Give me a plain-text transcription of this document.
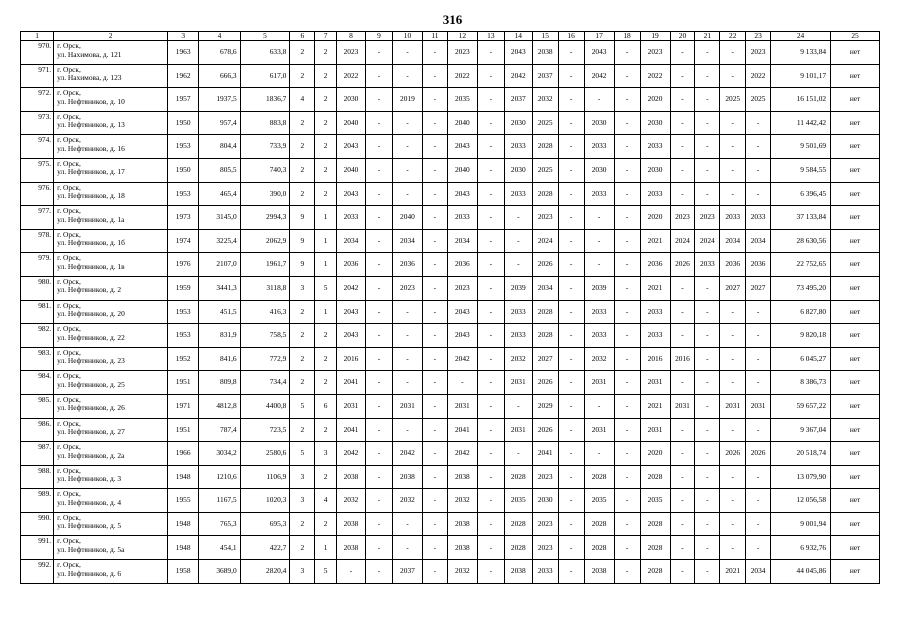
316
1	2	3	4	5	6	7	8	9	10	11	12	13	14	15	16	17	18	19	20	21	22	23	24	25
970.	г. Орск,
ул. Нахимова, д. 121	1963	678,6	633,8	2	2	2023	-	-	-	2023	-	2043	2038	-	2043	-	2023	-	-	-	2023	9 133,84	нет
971.	г. Орск,
ул. Нахимова, д. 123	1962	666,3	617,0	2	2	2022	-	-	-	2022	-	2042	2037	-	2042	-	2022	-	-	-	2022	9 101,17	нет
972.	г. Орск,
ул. Нефтяников, д. 10	1957	1937,5	1836,7	4	2	2030	-	2019	-	2035	-	2037	2032	-	-	-	2020	-	-	2025	2025	16 151,02	нет
973.	г. Орск,
ул. Нефтяников, д. 13	1950	957,4	883,8	2	2	2040	-	-	-	2040	-	2030	2025	-	2030	-	2030	-	-	-	-	11 442,42	нет
974.	г. Орск,
ул. Нефтяников, д. 16	1953	804,4	733,9	2	2	2043	-	-	-	2043	-	2033	2028	-	2033	-	2033	-	-	-	-	9 501,69	нет
975.	г. Орск,
ул. Нефтяников, д. 17	1950	805,5	740,3	2	2	2040	-	-	-	2040	-	2030	2025	-	2030	-	2030	-	-	-	-	9 584,55	нет
976.	г. Орск,
ул. Нефтяников, д. 18	1953	465,4	390,0	2	2	2043	-	-	-	2043	-	2033	2028	-	2033	-	2033	-	-	-	-	6 396,45	нет
977.	г. Орск,
ул. Нефтяников, д. 1а	1973	3145,0	2994,3	9	1	2033	-	2040	-	2033	-	-	2023	-	-	-	2020	2023	2023	2033	2033	37 133,84	нет
978.	г. Орск,
ул. Нефтяников, д. 1б	1974	3225,4	2062,9	9	1	2034	-	2034	-	2034	-	-	2024	-	-	-	2021	2024	2024	2034	2034	28 630,56	нет
979.	г. Орск,
ул. Нефтяников, д. 1в	1976	2107,0	1961,7	9	1	2036	-	2036	-	2036	-	-	2026	-	-	-	2036	2026	2033	2036	2036	22 752,65	нет
980.	г. Орск,
ул. Нефтяников, д. 2	1959	3441,3	3118,8	3	5	2042	-	2023	-	2023	-	2039	2034	-	2039	-	2021	-	-	2027	2027	73 495,20	нет
981.	г. Орск,
ул. Нефтяников, д. 20	1953	451,5	416,3	2	1	2043	-	-	-	2043	-	2033	2028	-	2033	-	2033	-	-	-	-	6 827,80	нет
982.	г. Орск,
ул. Нефтяников, д. 22	1953	831,9	758,5	2	2	2043	-	-	-	2043	-	2033	2028	-	2033	-	2033	-	-	-	-	9 820,18	нет
983.	г. Орск,
ул. Нефтяников, д. 23	1952	841,6	772,9	2	2	2016	-	-	-	2042	-	2032	2027	-	2032	-	2016	2016	-	-	-	6 045,27	нет
984.	г. Орск,
ул. Нефтяников, д. 25	1951	809,8	734,4	2	2	2041	-	-	-	-	-	2031	2026	-	2031	-	2031	-	-	-	-	8 386,73	нет
985.	г. Орск,
ул. Нефтяников, д. 26	1971	4812,8	4400,8	5	6	2031	-	2031	-	2031	-	-	2029	-	-	-	2021	2031	-	2031	2031	59 657,22	нет
986.	г. Орск,
ул. Нефтяников, д. 27	1951	787,4	723,5	2	2	2041	-	-	-	2041	-	2031	2026	-	2031	-	2031	-	-	-	-	9 367,04	нет
987.	г. Орск,
ул. Нефтяников, д. 2а	1966	3034,2	2580,6	5	3	2042	-	2042	-	2042	-	-	2041	-	-	-	2020	-	-	2026	2026	20 518,74	нет
988.	г. Орск,
ул. Нефтяников, д. 3	1948	1210,6	1106,9	3	2	2038	-	2038	-	2038	-	2028	2023	-	2028	-	2028	-	-	-	-	13 079,90	нет
989.	г. Орск,
ул. Нефтяников, д. 4	1955	1167,5	1020,3	3	4	2032	-	2032	-	2032	-	2035	2030	-	2035	-	2035	-	-	-	-	12 056,58	нет
990.	г. Орск,
ул. Нефтяников, д. 5	1948	765,3	695,3	2	2	2038	-	-	-	2038	-	2028	2023	-	2028	-	2028	-	-	-	-	9 001,94	нет
991.	г. Орск,
ул. Нефтяников, д. 5а	1948	454,1	422,7	2	1	2038	-	-	-	2038	-	2028	2023	-	2028	-	2028	-	-	-	-	6 932,76	нет
992.	г. Орск,
ул. Нефтяников, д. 6	1958	3689,0	2820,4	3	5	-	-	2037	-	2032	-	2038	2033	-	2038	-	2028	-	-	2021	2034	44 045,86	нет
